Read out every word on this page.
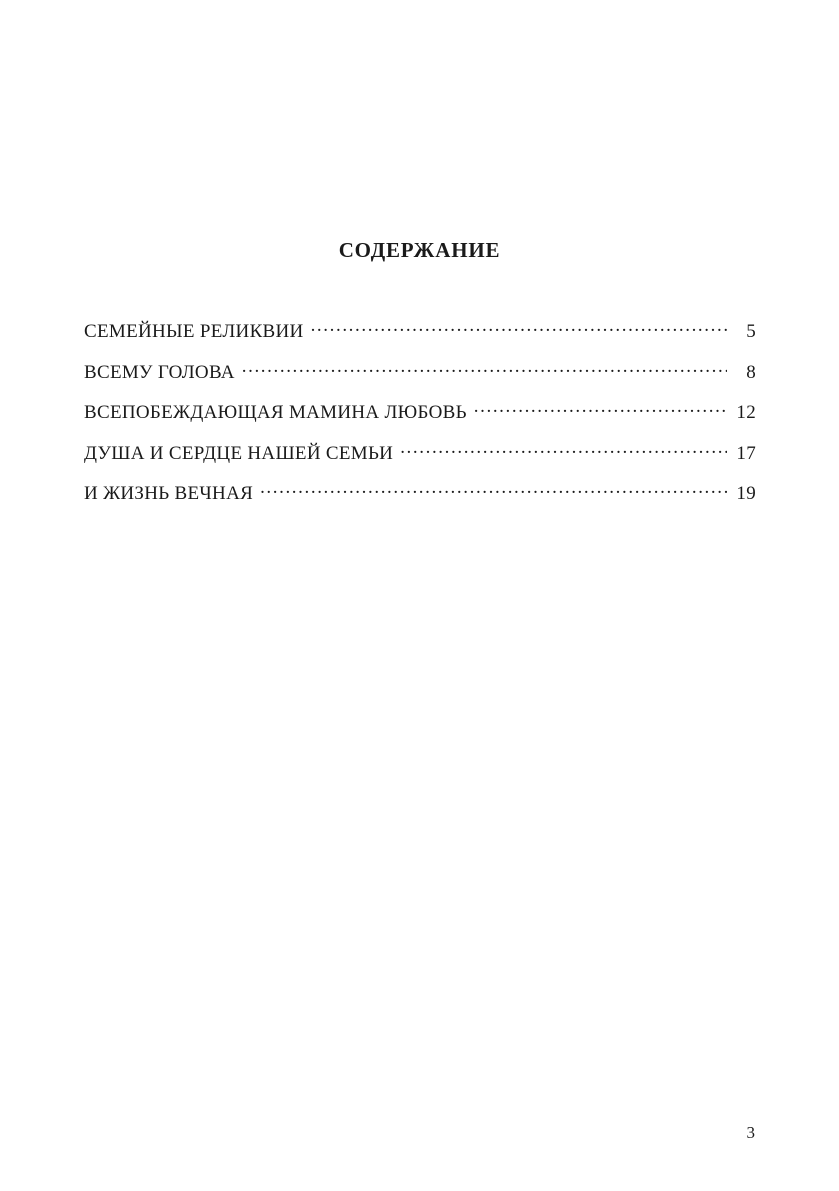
СОДЕРЖАНИЕ
СЕМЕЙНЫЕ РЕЛИКВИИ .....	5
ВСЕМУ ГОЛОВА .....	8
ВСЕПОБЕЖДАЮЩАЯ МАМИНА ЛЮБОВЬ .....	12
ДУША И СЕРДЦЕ НАШЕЙ СЕМЬИ .....	17
И ЖИЗНЬ ВЕЧНАЯ .....	19
3
